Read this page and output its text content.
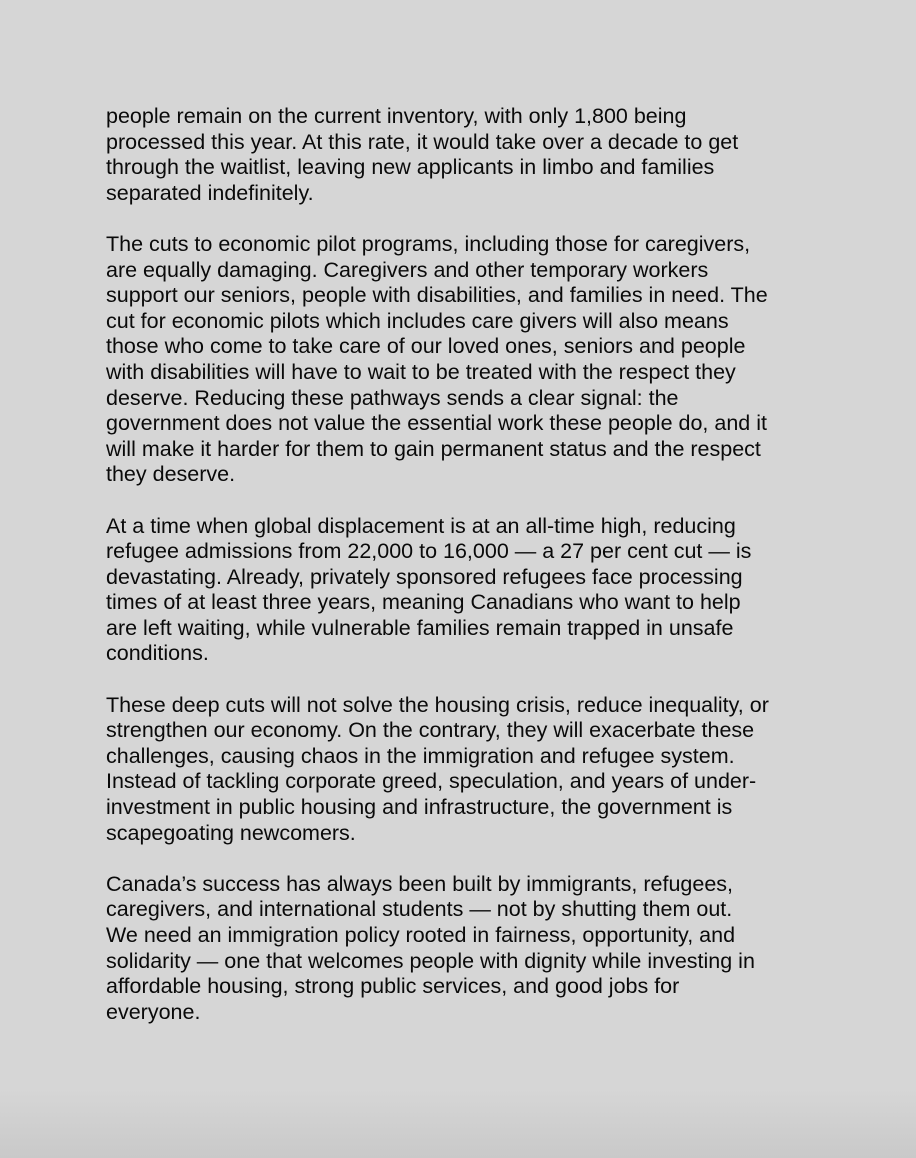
people remain on the current inventory, with only 1,800 being
processed this year. At this rate, it would take over a decade to get
through the waitlist, leaving new applicants in limbo and families
separated indefinitely.

The cuts to economic pilot programs, including those for caregivers,
are equally damaging. Caregivers and other temporary workers
support our seniors, people with disabilities, and families in need. The
cut for economic pilots which includes care givers will also means
those who come to take care of our loved ones, seniors and people
with disabilities will have to wait to be treated with the respect they
deserve. Reducing these pathways sends a clear signal: the
government does not value the essential work these people do, and it
will make it harder for them to gain permanent status and the respect
they deserve.

At a time when global displacement is at an all-time high, reducing
refugee admissions from 22,000 to 16,000 — a 27 per cent cut — is
devastating. Already, privately sponsored refugees face processing
times of at least three years, meaning Canadians who want to help
are left waiting, while vulnerable families remain trapped in unsafe
conditions.

These deep cuts will not solve the housing crisis, reduce inequality, or
strengthen our economy. On the contrary, they will exacerbate these
challenges, causing chaos in the immigration and refugee system.
Instead of tackling corporate greed, speculation, and years of under-
investment in public housing and infrastructure, the government is
scapegoating newcomers.

Canada’s success has always been built by immigrants, refugees,
caregivers, and international students — not by shutting them out.
We need an immigration policy rooted in fairness, opportunity, and
solidarity — one that welcomes people with dignity while investing in
affordable housing, strong public services, and good jobs for
everyone.
